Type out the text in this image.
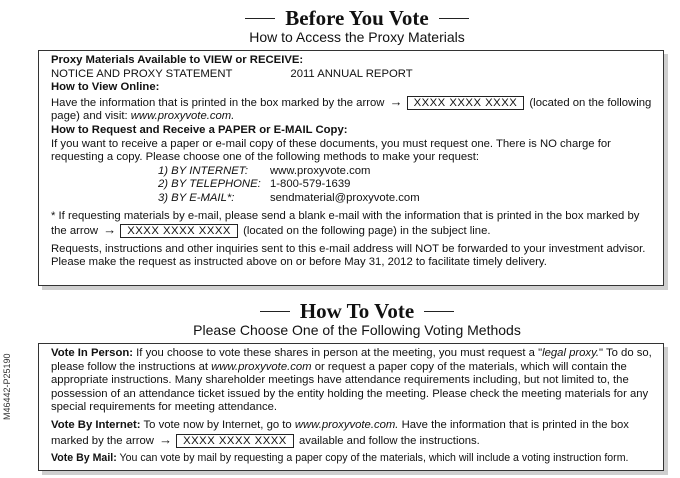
M46442-P25190
Before You Vote
How to Access the Proxy Materials

Proxy Materials Available to VIEW or RECEIVE:

NOTICE AND PROXY STATEMENT	2011 ANNUAL REPORT

How to View Online:

Have the information that is printed in the box marked by the arrow → XXXX XXXX XXXX (located on the following page) and visit: www.proxyvote.com.

How to Request and Receive a PAPER or E-MAIL Copy:

If you want to receive a paper or e-mail copy of these documents, you must request one. There is NO charge for requesting a copy. Please choose one of the following methods to make your request:

1) BY INTERNET:	www.proxyvote.com
2) BY TELEPHONE: 1-800-579-1639
3) BY E-MAIL*:	sendmaterial@proxyvote.com

* If requesting materials by e-mail, please send a blank e-mail with the information that is printed in the box marked by the arrow → XXXX XXXX XXXX (located on the following page) in the subject line.

Requests, instructions and other inquiries sent to this e-mail address will NOT be forwarded to your investment advisor. Please make the request as instructed above on or before May 31, 2012 to facilitate timely delivery.

How To Vote
Please Choose One of the Following Voting Methods

Vote In Person: If you choose to vote these shares in person at the meeting, you must request a "legal proxy." To do so, please follow the instructions at www.proxyvote.com or request a paper copy of the materials, which will contain the appropriate instructions. Many shareholder meetings have attendance requirements including, but not limited to, the possession of an attendance ticket issued by the entity holding the meeting. Please check the meeting materials for any special requirements for meeting attendance.

Vote By Internet: To vote now by Internet, go to www.proxyvote.com. Have the information that is printed in the box marked by the arrow → XXXX XXXX XXXX available and follow the instructions.

Vote By Mail: You can vote by mail by requesting a paper copy of the materials, which will include a voting instruction form.
